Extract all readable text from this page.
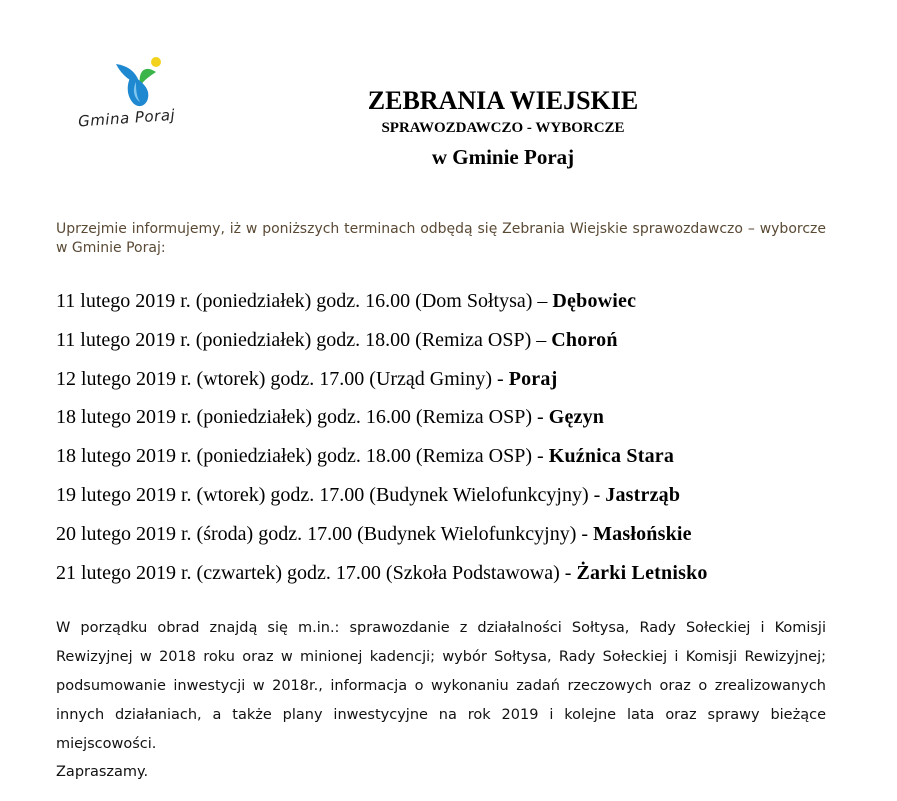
Gmina Poraj
ZEBRANIA WIEJSKIE
SPRAWOZDAWCZO - WYBORCZE
w Gminie Poraj
Uprzejmie informujemy, iż w poniższych terminach odbędą się Zebrania Wiejskie sprawozdawczo – wyborcze w Gminie Poraj:
11 lutego 2019 r. (poniedziałek) godz. 16.00 (Dom Sołtysa) – Dębowiec
11 lutego 2019 r. (poniedziałek) godz. 18.00 (Remiza OSP) – Choroń
12 lutego 2019 r. (wtorek) godz. 17.00 (Urząd Gminy) - Poraj
18 lutego 2019 r. (poniedziałek) godz. 16.00 (Remiza OSP) - Gęzyn
18 lutego 2019 r. (poniedziałek) godz. 18.00 (Remiza OSP) - Kuźnica Stara
19 lutego 2019 r. (wtorek) godz. 17.00 (Budynek Wielofunkcyjny) - Jastrząb
20 lutego 2019 r. (środa) godz. 17.00 (Budynek Wielofunkcyjny) - Masłońskie
21 lutego 2019 r. (czwartek) godz. 17.00 (Szkoła Podstawowa) - Żarki Letnisko
W porządku obrad znajdą się m.in.: sprawozdanie z działalności Sołtysa, Rady Sołeckiej i Komisji Rewizyjnej w 2018 roku oraz w minionej kadencji; wybór Sołtysa, Rady Sołeckiej i Komisji Rewizyjnej; podsumowanie inwestycji w 2018r., informacja o wykonaniu zadań rzeczowych oraz o zrealizowanych innych działaniach, a także plany inwestycyjne na rok 2019 i kolejne lata oraz sprawy bieżące miejscowości.
Zapraszamy.
